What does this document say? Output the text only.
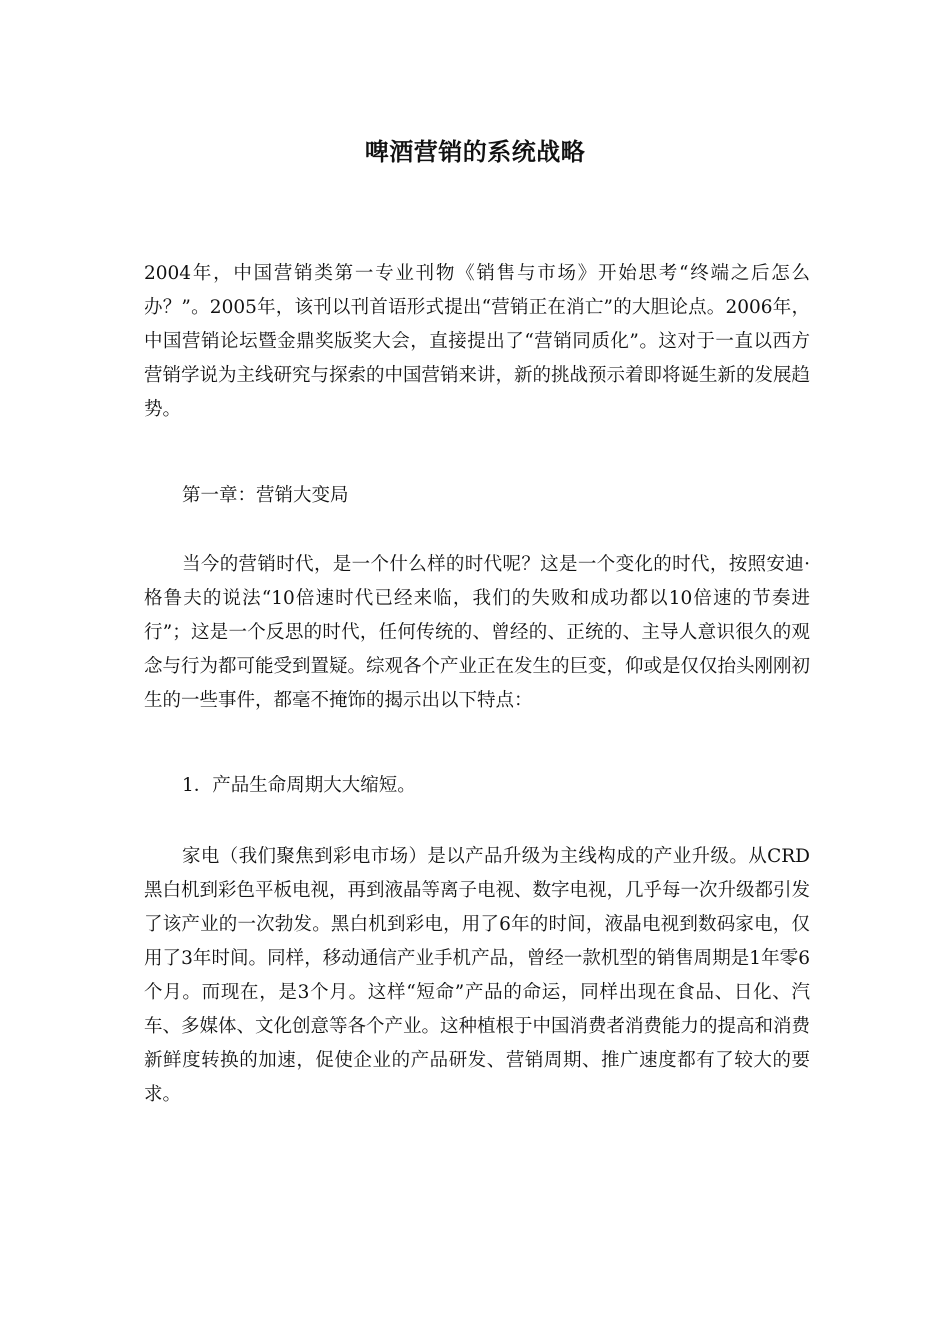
啤酒营销的系统战略

2004年，中国营销类第一专业刊物《销售与市场》开始思考“终端之后怎么办？”。2005年，该刊以刊首语形式提出“营销正在消亡”的大胆论点。2006年，中国营销论坛暨金鼎奖版奖大会，直接提出了“营销同质化”。这对于一直以西方营销学说为主线研究与探索的中国营销来讲，新的挑战预示着即将诞生新的发展趋势。

第一章：营销大变局

当今的营销时代，是一个什么样的时代呢？这是一个变化的时代，按照安迪·格鲁夫的说法“10倍速时代已经来临，我们的失败和成功都以10倍速的节奏进行”；这是一个反思的时代，任何传统的、曾经的、正统的、主导人意识很久的观念与行为都可能受到置疑。综观各个产业正在发生的巨变，仰或是仅仅抬头刚刚初生的一些事件，都毫不掩饰的揭示出以下特点：

1．产品生命周期大大缩短。

家电（我们聚焦到彩电市场）是以产品升级为主线构成的产业升级。从CRD黑白机到彩色平板电视，再到液晶等离子电视、数字电视，几乎每一次升级都引发了该产业的一次勃发。黑白机到彩电，用了6年的时间，液晶电视到数码家电，仅用了3年时间。同样，移动通信产业手机产品，曾经一款机型的销售周期是1年零6个月。而现在，是3个月。这样“短命”产品的命运，同样出现在食品、日化、汽车、多媒体、文化创意等各个产业。这种植根于中国消费者消费能力的提高和消费新鲜度转换的加速，促使企业的产品研发、营销周期、推广速度都有了较大的要求。
